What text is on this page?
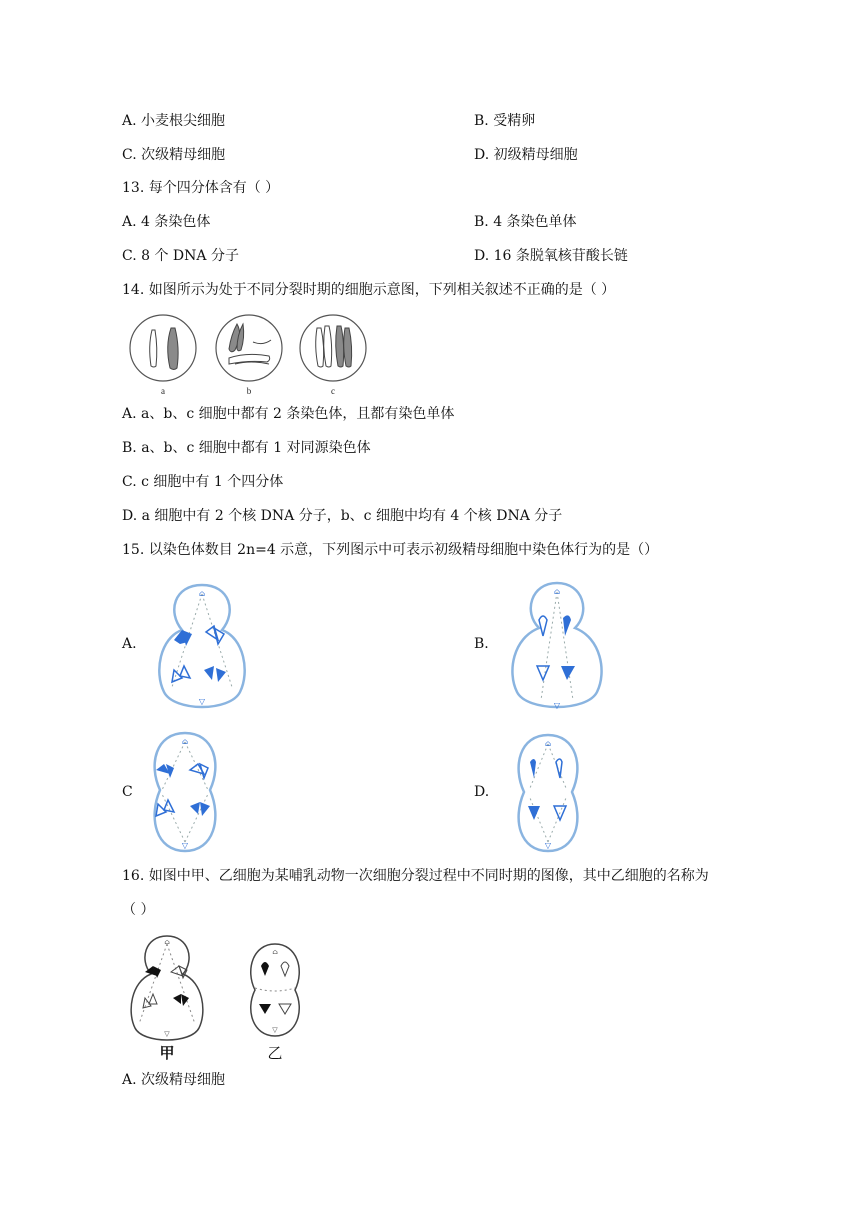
A. 小麦根尖细胞	B. 受精卵
C. 次级精母细胞	D. 初级精母细胞
13. 每个四分体含有（ ）
A. 4 条染色体	B. 4 条染色单体
C. 8 个 DNA 分子	D. 16 条脱氧核苷酸长链
14. 如图所示为处于不同分裂时期的细胞示意图，下列相关叙述不正确的是（ ）
a	b	c
A. a、b、c 细胞中都有 2 条染色体，且都有染色单体
B. a、b、c 细胞中都有 1 对同源染色体
C. c 细胞中有 1 个四分体
D. a 细胞中有 2 个核 DNA 分子，b、c 细胞中均有 4 个核 DNA 分子
15. 以染色体数目 2n=4 示意，下列图示中可表示初级精母细胞中染色体行为的是（）
A.
⌂
▽
B.
⌂
▽
C
⌂
▽
D.
⌂
▽
16. 如图中甲、乙细胞为某哺乳动物一次细胞分裂过程中不同时期的图像，其中乙细胞的名称为
（ ）
⌂
▽
甲
⌂
▽
乙
A. 次级精母细胞
